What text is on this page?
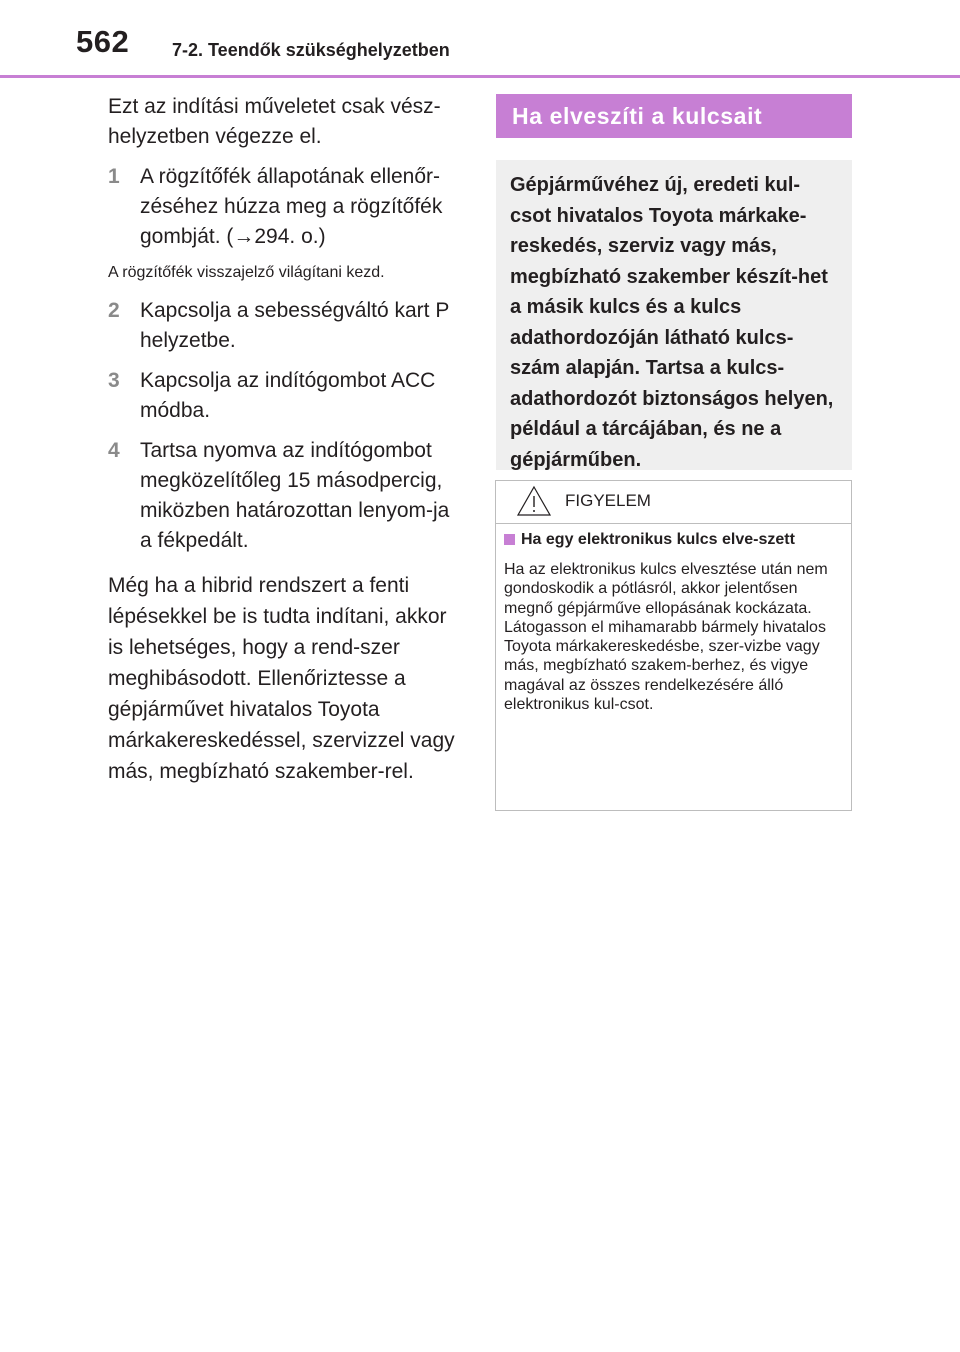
562 7-2. Teendők szükséghelyzetben

Ezt az indítási műveletet csak vész-helyzetben végezze el.

1 A rögzítőfék állapotának ellenőr-zéséhez húzza meg a rögzítőfék gombját. (→294. o.)

A rögzítőfék visszajelző világítani kezd.

2 Kapcsolja a sebességváltó kart P helyzetbe.
3 Kapcsolja az indítógombot ACC módba.
4 Tartsa nyomva az indítógombot megközelítőleg 15 másodpercig, miközben határozottan lenyom-ja a fékpedált.

Még ha a hibrid rendszert a fenti lépésekkel be is tudta indítani, akkor is lehetséges, hogy a rend-szer meghibásodott. Ellenőriztesse a gépjárművet hivatalos Toyota márkakereskedéssel, szervizzel vagy más, megbízható szakember-rel.

Ha elveszíti a kulcsait
Gépjárművéhez új, eredeti kul-csot hivatalos Toyota márkake-reskedés, szerviz vagy más, megbízható szakember készít-het a másik kulcs és a kulcs adathordozóján látható kulcs-szám alapján. Tartsa a kulcs-adathordozót biztonságos helyen, például a tárcájában, és ne a gépjárműben.
FIGYELEM
Ha egy elektronikus kulcs elve-szett

Ha az elektronikus kulcs elvesztése után nem gondoskodik a pótlásról, akkor jelentősen megnő gépjárműve ellopásának kockázata. Látogasson el mihamarabb bármely hivatalos Toyota márkakereskedésbe, szer-vizbe vagy más, megbízható szakem-berhez, és vigye magával az összes rendelkezésére álló elektronikus kul-csot.
